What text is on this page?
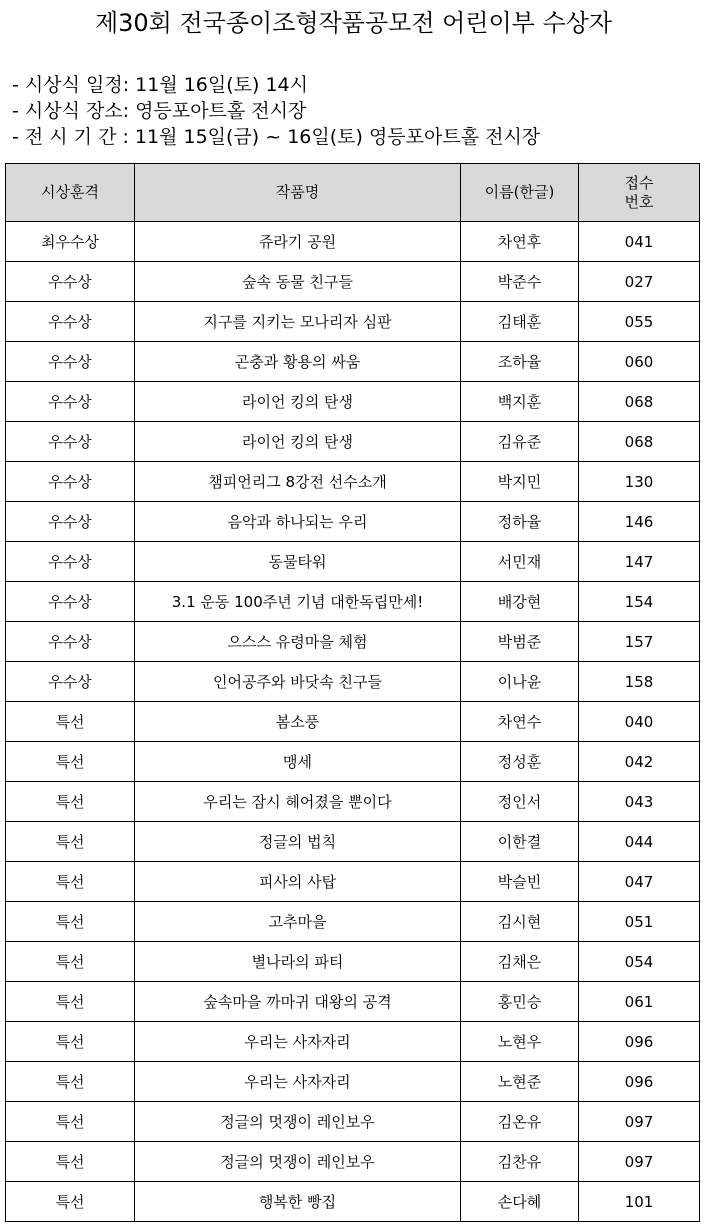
제30회 전국종이조형작품공모전 어린이부 수상자
- 시상식 일정: 11월 16일(토) 14시
- 시상식 장소: 영등포아트홀 전시장
- 전 시 기 간 : 11월 15일(금) ~ 16일(토) 영등포아트홀 전시장
시상훈격	작품명	이름(한글)	접수
번호
최우수상	쥬라기 공원	차연후	041
우수상	숲속 동물 친구들	박준수	027
우수상	지구를 지키는 모나리자 심판	김태훈	055
우수상	곤충과 황용의 싸움	조하율	060
우수상	라이언 킹의 탄생	백지훈	068
우수상	라이언 킹의 탄생	김유준	068
우수상	챔피언리그 8강전 선수소개	박지민	130
우수상	음악과 하나되는 우리	정하율	146
우수상	동물타워	서민재	147
우수상	3.1 운동 100주년 기념 대한독립만세!	배강현	154
우수상	으스스 유령마을 체험	박범준	157
우수상	인어공주와 바닷속 친구들	이나윤	158
특선	봄소풍	차연수	040
특선	맹세	정성훈	042
특선	우리는 잠시 헤어졌을 뿐이다	정인서	043
특선	정글의 법칙	이한결	044
특선	피사의 사탑	박슬빈	047
특선	고추마을	김시현	051
특선	별나라의 파티	김채은	054
특선	숲속마을 까마귀 대왕의 공격	홍민승	061
특선	우리는 사자자리	노현우	096
특선	우리는 사자자리	노현준	096
특선	정글의 멋쟁이 레인보우	김온유	097
특선	정글의 멋쟁이 레인보우	김찬유	097
특선	행복한 빵집	손다혜	101
